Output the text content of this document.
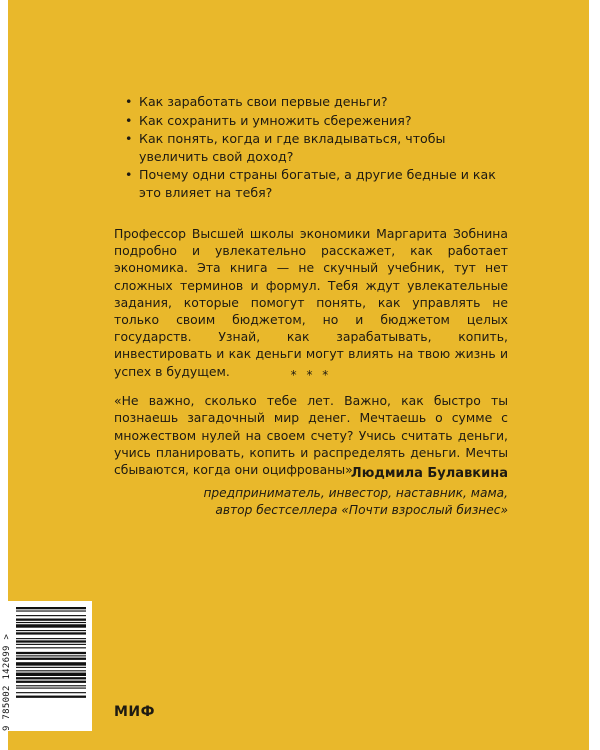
• Как заработать свои первые деньги?
• Как сохранить и умножить сбережения?
• Как понять, когда и где вкладываться, чтобы увеличить свой доход?
• Почему одни страны богатые, а другие бедные и как это влияет на тебя?

Профессор Высшей школы экономики Маргарита Зобнина подробно и увлекательно расскажет, как работает экономика. Эта книга — не скучный учебник, тут нет сложных терминов и формул. Тебя ждут увлекательные задания, которые помогут понять, как управлять не только своим бюджетом, но и бюджетом целых государств. Узнай, как зарабатывать, копить, инвестировать и как деньги могут влиять на твою жизнь и успех в будущем.	* * *

«Не важно, сколько тебе лет. Важно, как быстро ты познаешь загадочный мир денег. Мечтаешь о сумме с множеством нулей на своем счету? Учись считать деньги, учись планировать, копить и распределять деньги. Мечты сбываются, когда они оцифрованы».

Людмила Булавкина
предприниматель, инвестор, наставник, мама,
автор бестселлера «Почти взрослый бизнес»
МИФ
9 785002 142699 >
